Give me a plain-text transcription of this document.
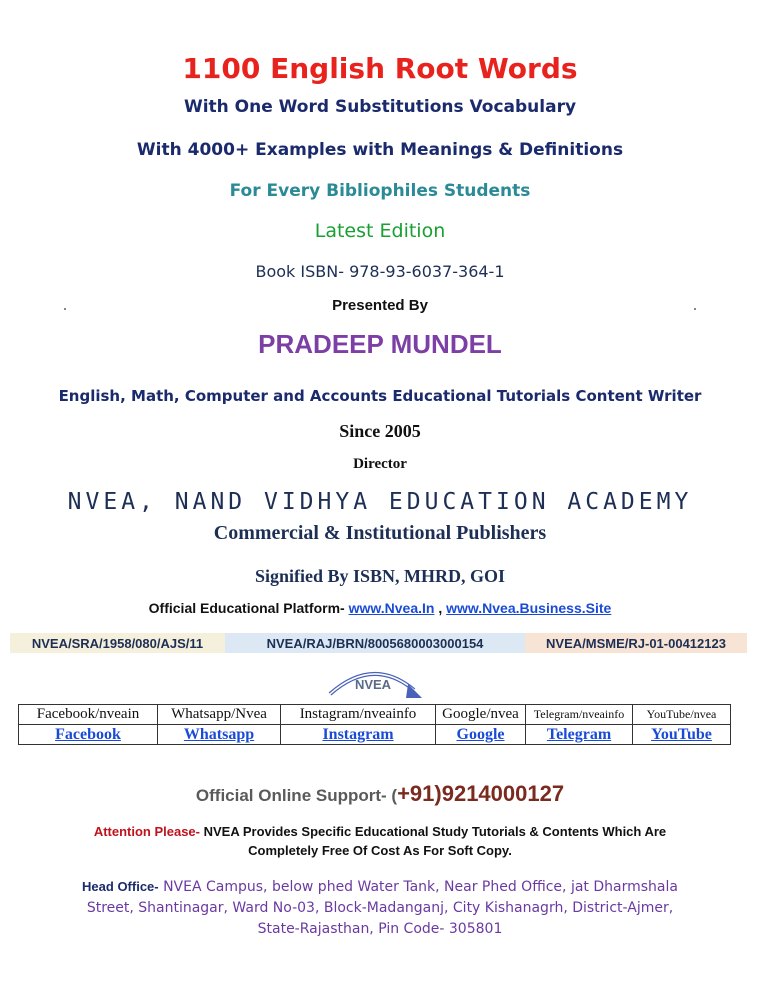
1100 English Root Words
With One Word Substitutions Vocabulary
With 4000+ Examples with Meanings & Definitions
For Every Bibliophiles Students
Latest Edition
Book ISBN- 978-93-6037-364-1
Presented By
PRADEEP MUNDEL
English, Math, Computer and Accounts Educational Tutorials Content Writer
Since 2005
Director
NVEA, NAND VIDHYA EDUCATION ACADEMY
Commercial & Institutional Publishers
Signified By ISBN, MHRD, GOI
Official Educational Platform- www.Nvea.In , www.Nvea.Business.Site
NVEA/SRA/1958/080/AJS/11	NVEA/RAJ/BRN/8005680003000154	NVEA/MSME/RJ-01-00412123
NVEA
Facebook/nveain	Whatsapp/Nvea	Instagram/nveainfo	Google/nvea	Telegram/nveainfo	YouTube/nvea
Facebook	Whatsapp	Instagram	Google	Telegram	YouTube
Official Online Support- (+91)9214000127
Attention Please- NVEA Provides Specific Educational Study Tutorials & Contents Which Are
Completely Free Of Cost As For Soft Copy.
Head Office- NVEA Campus, below phed Water Tank, Near Phed Office, jat Dharmshala
Street, Shantinagar, Ward No-03, Block-Madanganj, City Kishanagrh, District-Ajmer,
State-Rajasthan, Pin Code- 305801
